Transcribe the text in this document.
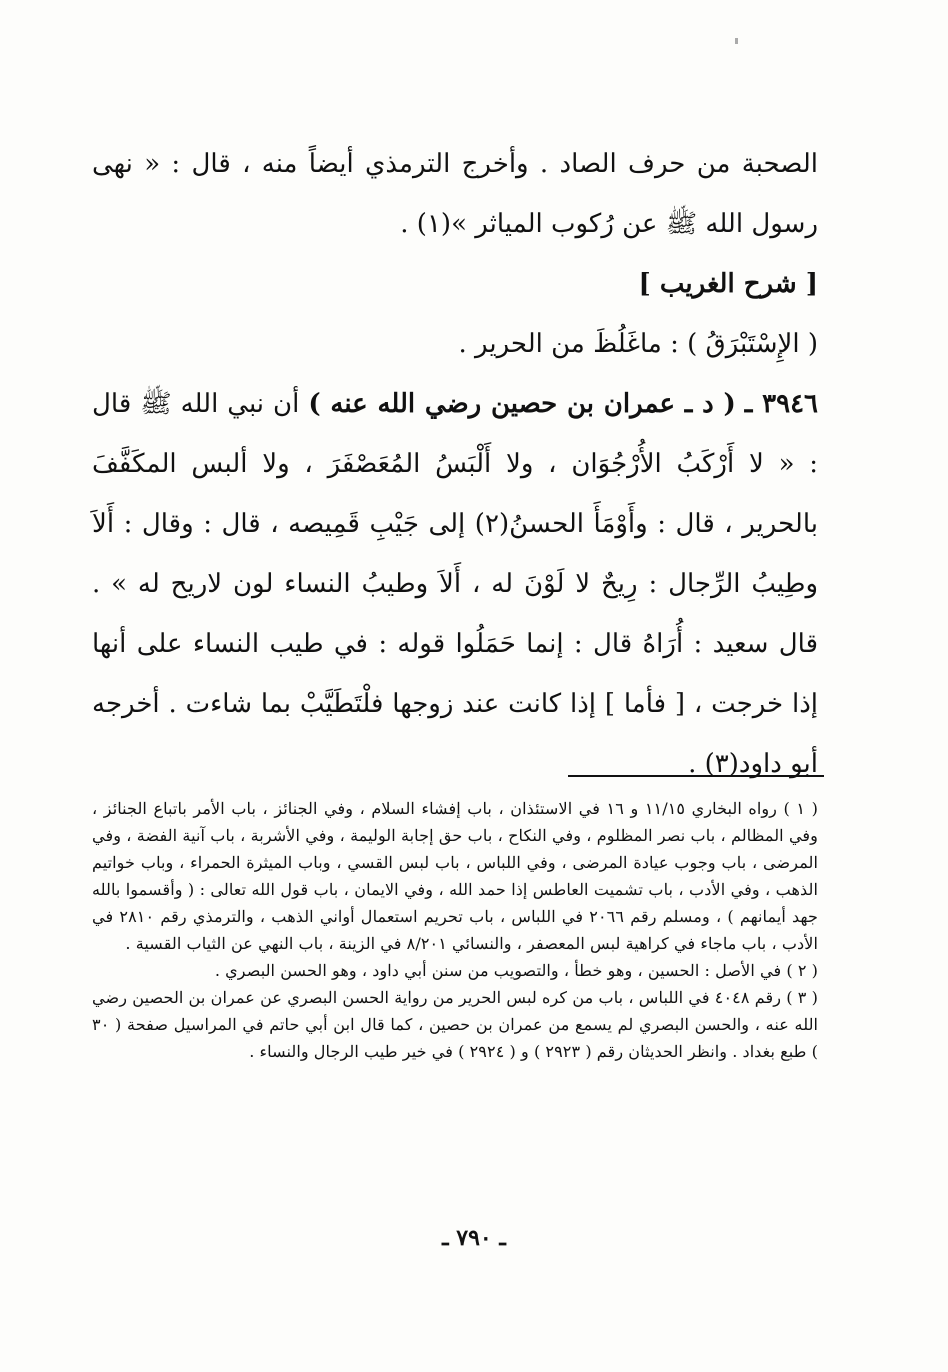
الصحبة من حرف الصاد . وأخرج الترمذي أيضاً منه ، قال : « نهى رسول الله ﷺ عن رُكوب المياثر »(١) .

[ شرح الغريب ]

( الإِسْتَبْرَقُ ) : ماغَلُظَ من الحرير .

٣٩٤٦ ـ ( د ـ عمران بن حصين رضي الله عنه ) أن نبي الله ﷺ قال : « لا أَرْكَبُ الأُرْجُوَان ، ولا أَلْبَسُ المُعَصْفَرَ ، ولا ألبس المكَفَّفَ بالحرير ، قال : وأَوْمَأَ الحسنُ(٢) إلى جَيْبِ قَمِيصه ، قال : وقال : أَلاَ وطِيبُ الرِّجال : رِيحٌ لا لَوْنَ له ، أَلاَ وطيبُ النساء لون لاريح له » . قال سعيد : أُرَاهُ قال : إنما حَمَلُوا قوله : في طيب النساء على أنها إذا خرجت ، [ فأما ] إذا كانت عند زوجها فلْتَطَيَّبْ بما شاءت . أخرجه أبو داود(٣) .

( ١ ) رواه البخاري ١١/١٥ و ١٦ في الاستئذان ، باب إفشاء السلام ، وفي الجنائز ، باب الأمر باتباع الجنائز ، وفي المظالم ، باب نصر المظلوم ، وفي النكاح ، باب حق إجابة الوليمة ، وفي الأشربة ، باب آنية الفضة ، وفي المرضى ، باب وجوب عيادة المرضى ، وفي اللباس ، باب لبس القسي ، وباب الميثرة الحمراء ، وباب خواتيم الذهب ، وفي الأدب ، باب تشميت العاطس إذا حمد الله ، وفي الايمان ، باب قول الله تعالى : ( وأقسموا بالله جهد أيمانهم ) ، ومسلم رقم ٢٠٦٦ في اللباس ، باب تحريم استعمال أواني الذهب ، والترمذي رقم ٢٨١٠ في الأدب ، باب ماجاء في كراهية لبس المعصفر ، والنسائي ٨/٢٠١ في الزينة ، باب النهي عن الثياب القسية .

( ٢ ) في الأصل : الحسين ، وهو خطأ ، والتصويب من سنن أبي داود ، وهو الحسن البصري .

( ٣ ) رقم ٤٠٤٨ في اللباس ، باب من كره لبس الحرير من رواية الحسن البصري عن عمران بن الحصين رضي الله عنه ، والحسن البصري لم يسمع من عمران بن حصين ، كما قال ابن أبي حاتم في المراسيل صفحة ( ٣٠ ) طبع بغداد . وانظر الحديثان رقم ( ٢٩٢٣ ) و ( ٢٩٢٤ ) في خير طيب الرجال والنساء .

ـ ٧٩٠ ـ
